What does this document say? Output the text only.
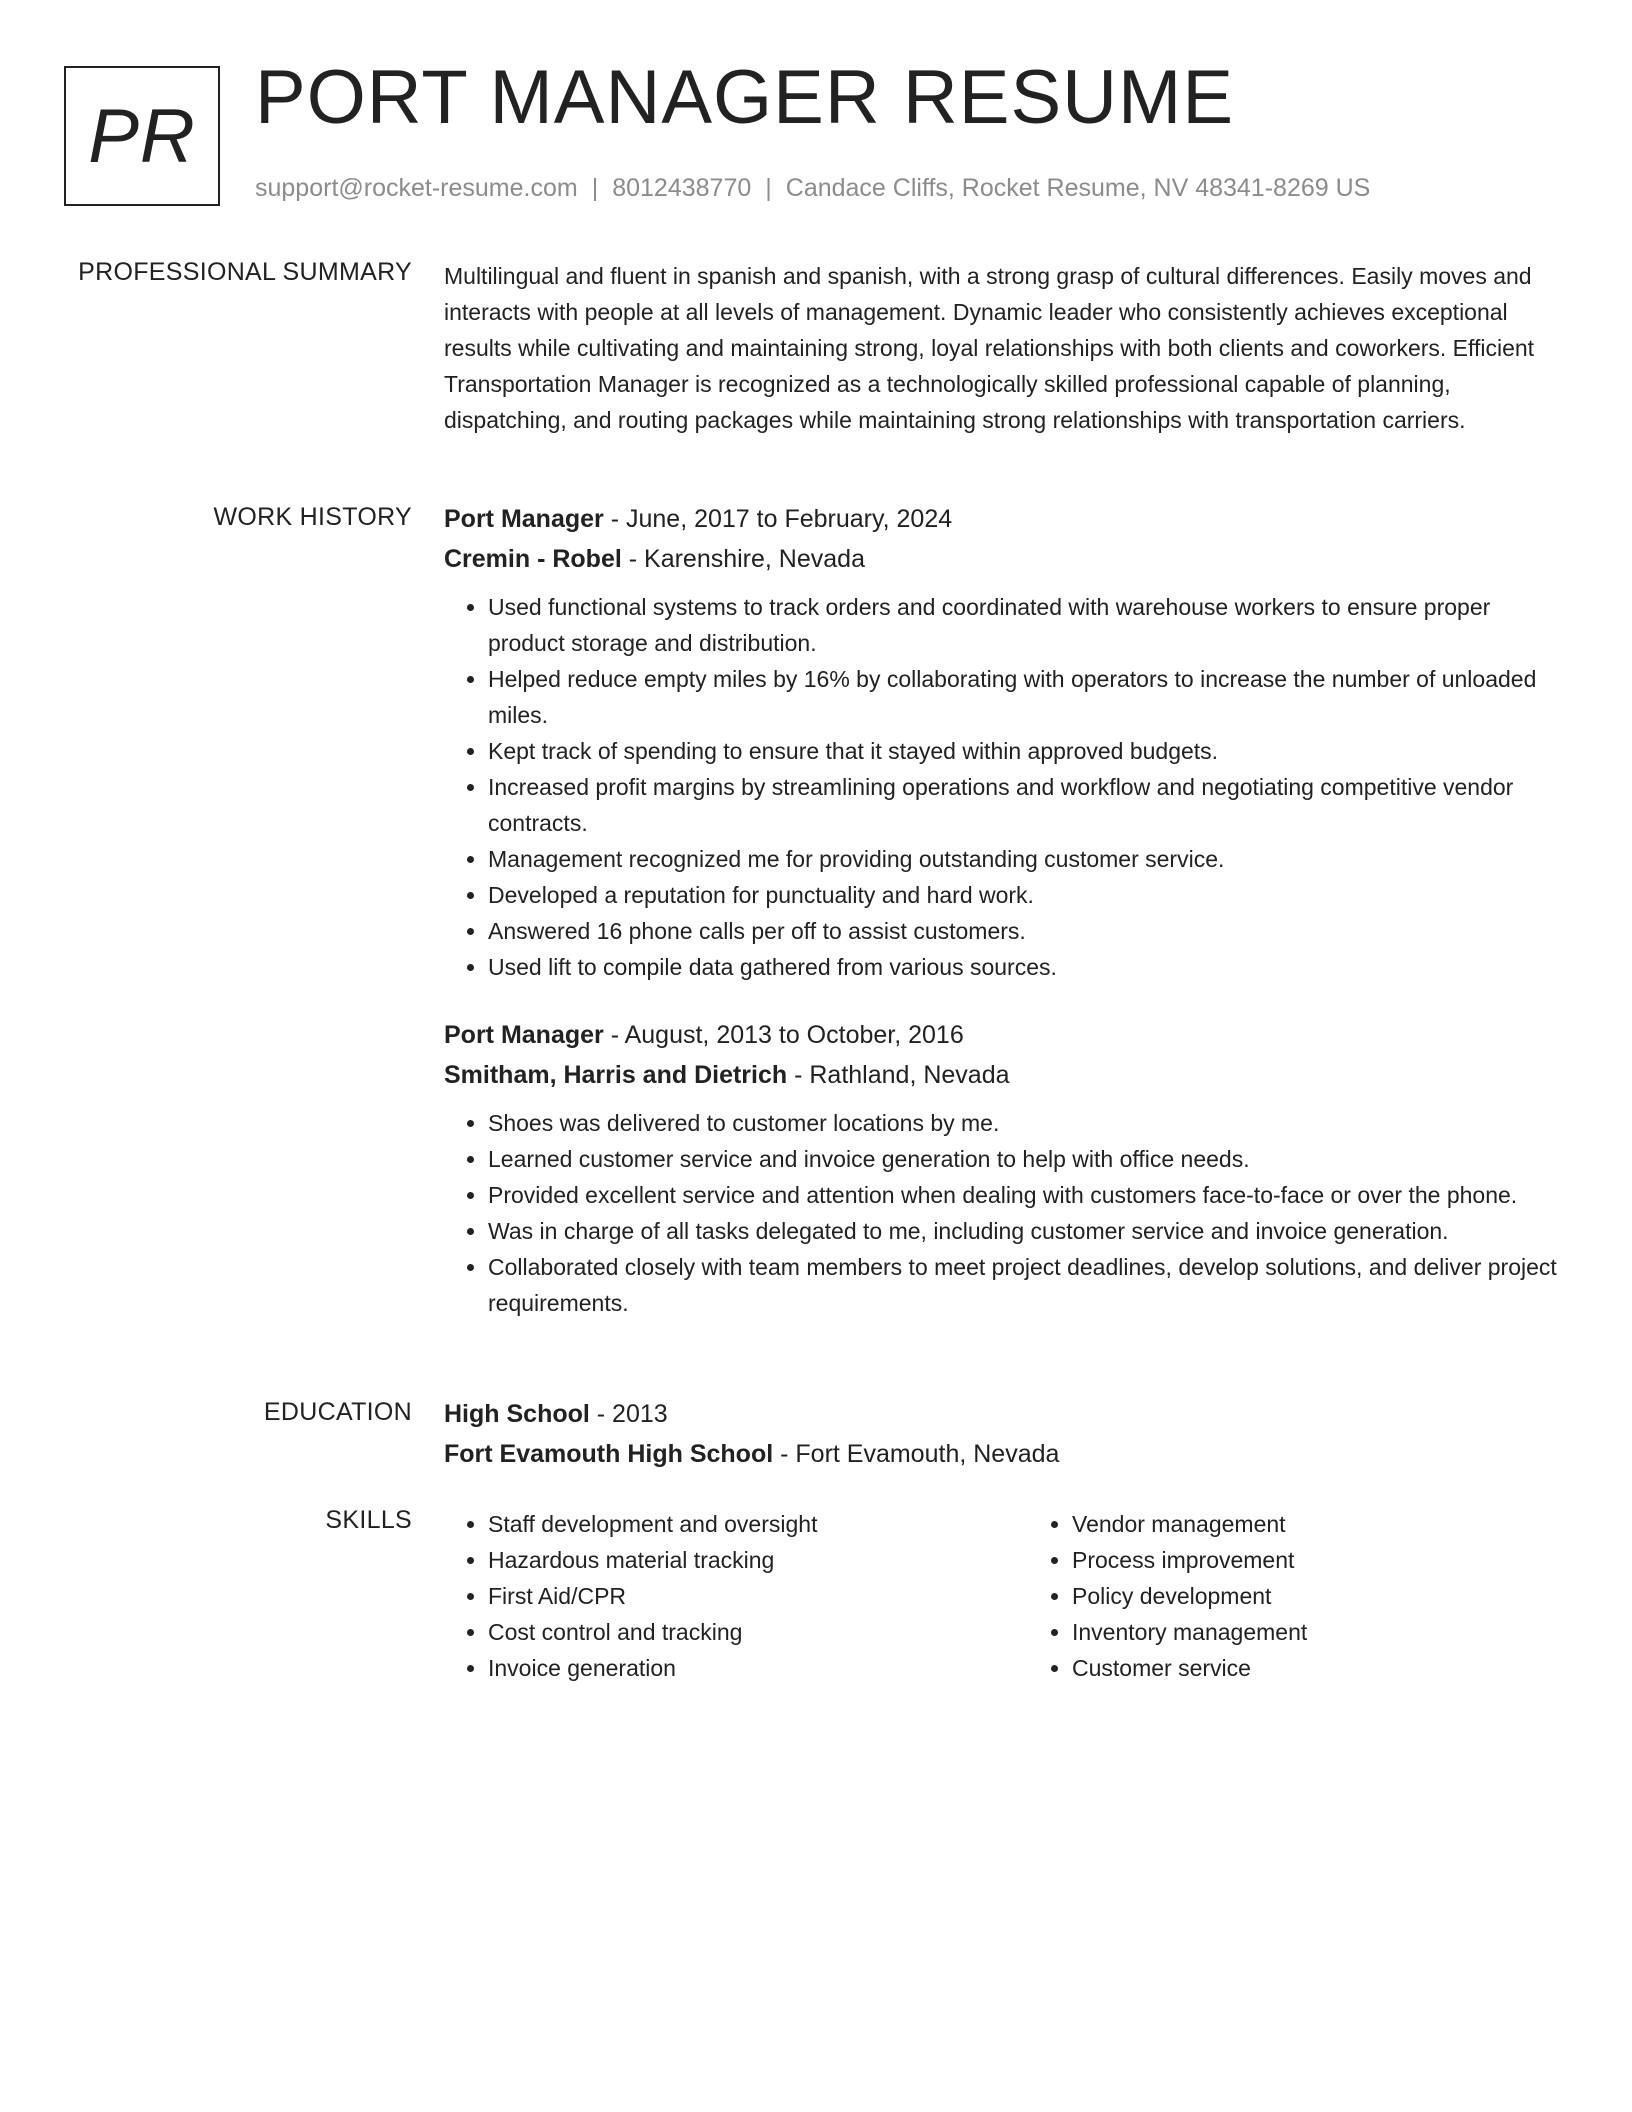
PR PORT MANAGER RESUME
support@rocket-resume.com | 8012438770 | Candace Cliffs, Rocket Resume, NV 48341-8269 US
PROFESSIONAL SUMMARY Multilingual and fluent in spanish and spanish, with a strong grasp of cultural differences. Easily moves and interacts with people at all levels of management. Dynamic leader who consistently achieves exceptional results while cultivating and maintaining strong, loyal relationships with both clients and coworkers. Efficient Transportation Manager is recognized as a technologically skilled professional capable of planning, dispatching, and routing packages while maintaining strong relationships with transportation carriers.

WORK HISTORY Port Manager - June, 2017 to February, 2024
Cremin - Robel - Karenshire, Nevada
• Used functional systems to track orders and coordinated with warehouse workers to ensure proper product storage and distribution.
• Helped reduce empty miles by 16% by collaborating with operators to increase the number of unloaded miles.
• Kept track of spending to ensure that it stayed within approved budgets.
• Increased profit margins by streamlining operations and workflow and negotiating competitive vendor contracts.
• Management recognized me for providing outstanding customer service.
• Developed a reputation for punctuality and hard work.
• Answered 16 phone calls per off to assist customers.
• Used lift to compile data gathered from various sources.
Port Manager - August, 2013 to October, 2016
Smitham, Harris and Dietrich - Rathland, Nevada
• Shoes was delivered to customer locations by me.
• Learned customer service and invoice generation to help with office needs.
• Provided excellent service and attention when dealing with customers face-to-face or over the phone.
• Was in charge of all tasks delegated to me, including customer service and invoice generation.
• Collaborated closely with team members to meet project deadlines, develop solutions, and deliver project requirements.
EDUCATION High School - 2013
Fort Evamouth High School - Fort Evamouth, Nevada
SKILLS
•	Staff development and oversight
• Hazardous material tracking
• First Aid/CPR
• Cost control and tracking
• Invoice generation
• Vendor management
• Process improvement
• Policy development
• Inventory management
• Customer service
